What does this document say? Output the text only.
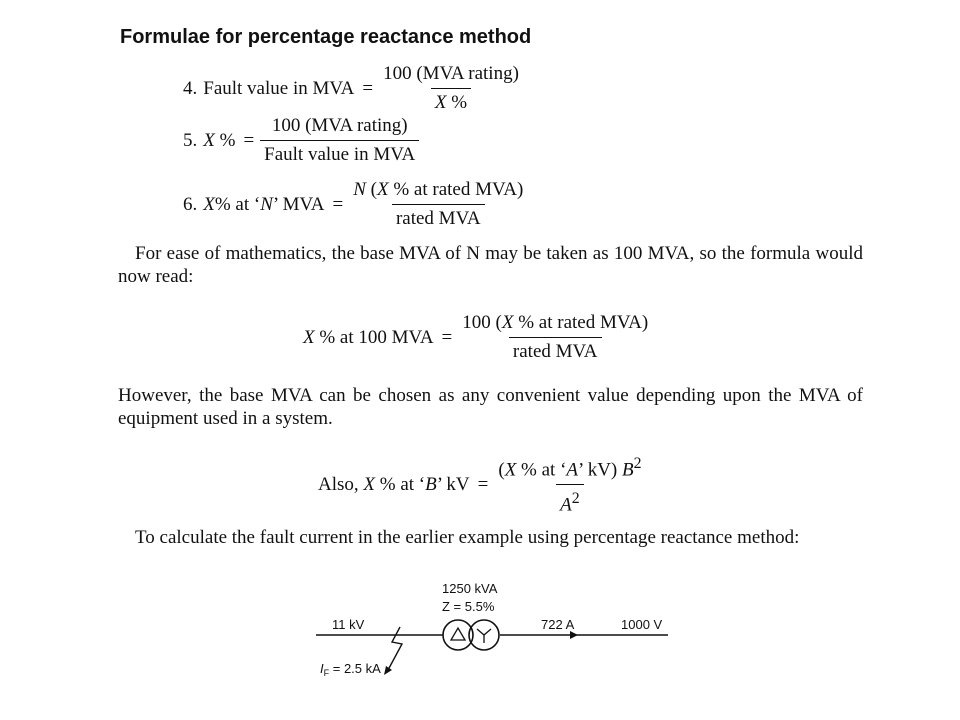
Formulae for percentage reactance method
4. Fault value in MVA = $\frac{\text{100 (MVA rating)}}{X \%}$
5. X % = $\frac{\text{100 (MVA rating)}}{\text{Fault value in MVA}}$
6. X% at ‘N’ MVA = $\frac{\text{N (X \% at rated MVA)}}{\text{rated MVA}}$

For ease of mathematics, the base MVA of N may be taken as 100 MVA, so the formula would now read:

X % at 100 MVA = $\frac{\text{100 (X \% at rated MVA)}}{\text{rated MVA}}$

However, the base MVA can be chosen as any convenient value depending upon the MVA of equipment used in a system.

Also, X % at ‘B’ kV = $\frac{(X \% at ‘A’ kV) B^2}{A^2}$

To calculate the fault current in the earlier example using percentage reactance method:

1250 kVA
Z = 5.5%
11 kV	722 A	1000 V
$I_F = 2.5$ kA
